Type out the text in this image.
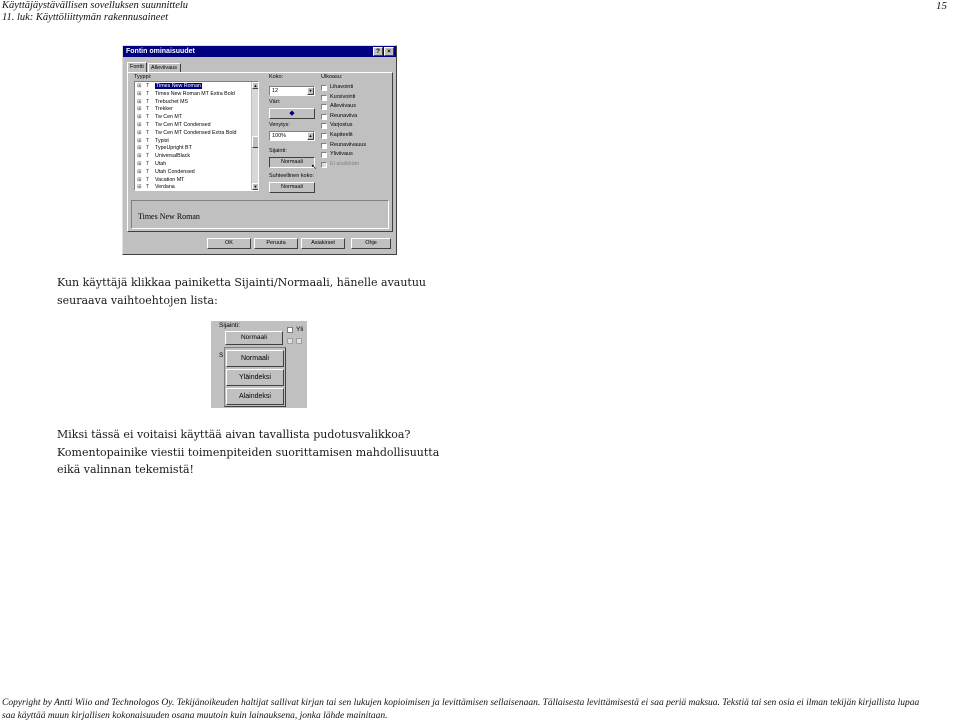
Käyttäjäystävällisen sovelluksen suunnittelu
11. luk: Käyttöliittymän rakennusaineet
15
Fontin ominaisuudet	?	×
Fontti	Alleviivaus
Tyyppi:
⊞ T Times New Roman
⊞ T Times New Roman MT Extra Bold
⊞ T Trebuchet MS
⊞ T Trekker
⊞ T Tw Cen MT
⊞ T Tw Cen MT Condensed
⊞ T Tw Cen MT Condensed Extra Bold
⊞ T Typist
⊞ T TypeUpright BT
⊞ T UniversalBlack
⊞ T Utah
⊞ T Utah Condensed
⊞ T Vacation MT
⊞ T Verdana
▲
▼
Koko:
12	▼
Väri:
◆
Venytys:
100%	▲
Sijainti:
Normaali
↖
Suhteellinen koko:
Normaali
Ulkoasu:
Lihavointi
Kursivointi
Alleviivaus
Reunaviiva
Varjostus
Kapiteelit
Reunaviivauus
Yliviivaus
Ei sisäkkäin
Times New Roman
OK	Peruuta	Asiakirset	Ohje
Kun käyttäjä klikkaa painiketta Sijainti/Normaali, hänelle avautuu
seuraava vaihtoehtojen lista:
Sijainti:
Normaali
S
Yli
Normaali
Yläindeksi
Alaindeksi
Miksi tässä ei voitaisi käyttää aivan tavallista pudotusvalikkoa?
Komentopainike viestii toimenpiteiden suorittamisen mahdollisuutta
eikä valinnan tekemistä!
Copyright by Antti Wiio and Technologos Oy. Tekijänoikeuden haltijat sallivat kirjan tai sen lukujen kopioimisen ja levittämisen sellaisenaan. Tällaisesta levittämisestä ei saa periä maksua. Tekstiä tai sen osia ei ilman tekijän kirjallista lupaa
saa käyttää muun kirjallisen kokonaisuuden osana muutoin kuin lainauksena, jonka lähde mainitaan.
